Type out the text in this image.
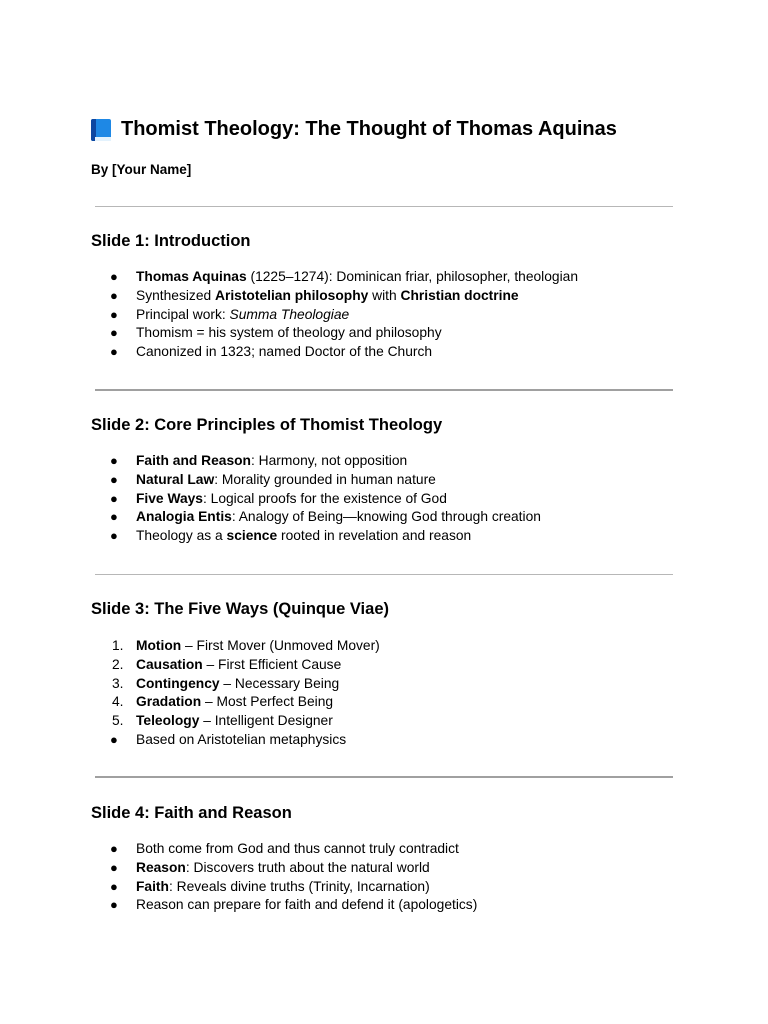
Thomist Theology: The Thought of Thomas Aquinas

By [Your Name]

Slide 1: Introduction
●	Thomas Aquinas (1225–1274): Dominican friar, philosopher, theologian
●	Synthesized Aristotelian philosophy with Christian doctrine
●	Principal work: Summa Theologiae
●	Thomism = his system of theology and philosophy
●	Canonized in 1323; named Doctor of the Church
Slide 2: Core Principles of Thomist Theology
●	Faith and Reason: Harmony, not opposition
●	Natural Law: Morality grounded in human nature
●	Five Ways: Logical proofs for the existence of God
●	Analogia Entis: Analogy of Being—knowing God through creation
●	Theology as a science rooted in revelation and reason
Slide 3: The Five Ways (Quinque Viae)
1. Motion – First Mover (Unmoved Mover)
2. Causation – First Efficient Cause
3. Contingency – Necessary Being
4. Gradation – Most Perfect Being
5. Teleology – Intelligent Designer
●	Based on Aristotelian metaphysics
Slide 4: Faith and Reason
●	Both come from God and thus cannot truly contradict
●	Reason: Discovers truth about the natural world
●	Faith: Reveals divine truths (Trinity, Incarnation)
●	Reason can prepare for faith and defend it (apologetics)
